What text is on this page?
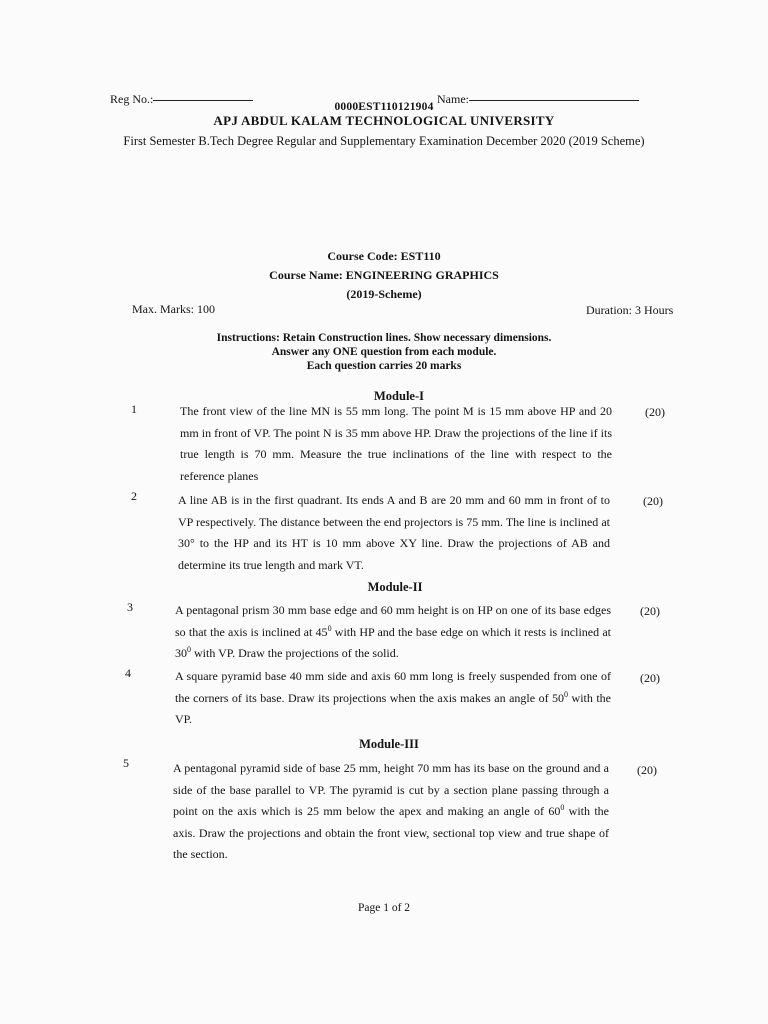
Reg No.:	Name:
0000EST110121904
APJ ABDUL KALAM TECHNOLOGICAL UNIVERSITY
First Semester B.Tech Degree Regular and Supplementary Examination December 2020 (2019 Scheme)
Course Code: EST110
Course Name: ENGINEERING GRAPHICS
(2019-Scheme)
Max. Marks: 100	Duration: 3 Hours
Instructions: Retain Construction lines. Show necessary dimensions.
Answer any ONE question from each module.
Each question carries 20 marks
Module-I
1	The front view of the line MN is 55 mm long. The point M is 15 mm above HP and 20 mm in front of VP. The point N is 35 mm above HP. Draw the projections of the line if its true length is 70 mm. Measure the true inclinations of the line with respect to the reference planes
(20)
2	A line AB is in the first quadrant. Its ends A and B are 20 mm and 60 mm in front of to VP respectively. The distance between the end projectors is 75 mm. The line is inclined at 30° to the HP and its HT is 10 mm above XY line. Draw the projections of AB and determine its true length and mark VT.
(20)
Module-II
3	A pentagonal prism 30 mm base edge and 60 mm height is on HP on one of its base edges so that the axis is inclined at $45^0$ with HP and the base edge on which it rests is inclined at $30^0$ with VP. Draw the projections of the solid.
(20)
4	A square pyramid base 40 mm side and axis 60 mm long is freely suspended from one of the corners of its base. Draw its projections when the axis makes an angle of $50^0$ with the VP.
(20)
Module-III
5	A pentagonal pyramid side of base 25 mm, height 70 mm has its base on the ground and a side of the base parallel to VP. The pyramid is cut by a section plane passing through a point on the axis which is 25 mm below the apex and making an angle of $60^0$ with the axis. Draw the projections and obtain the front view, sectional top view and true shape of the section.
(20)
Page 1 of 2
